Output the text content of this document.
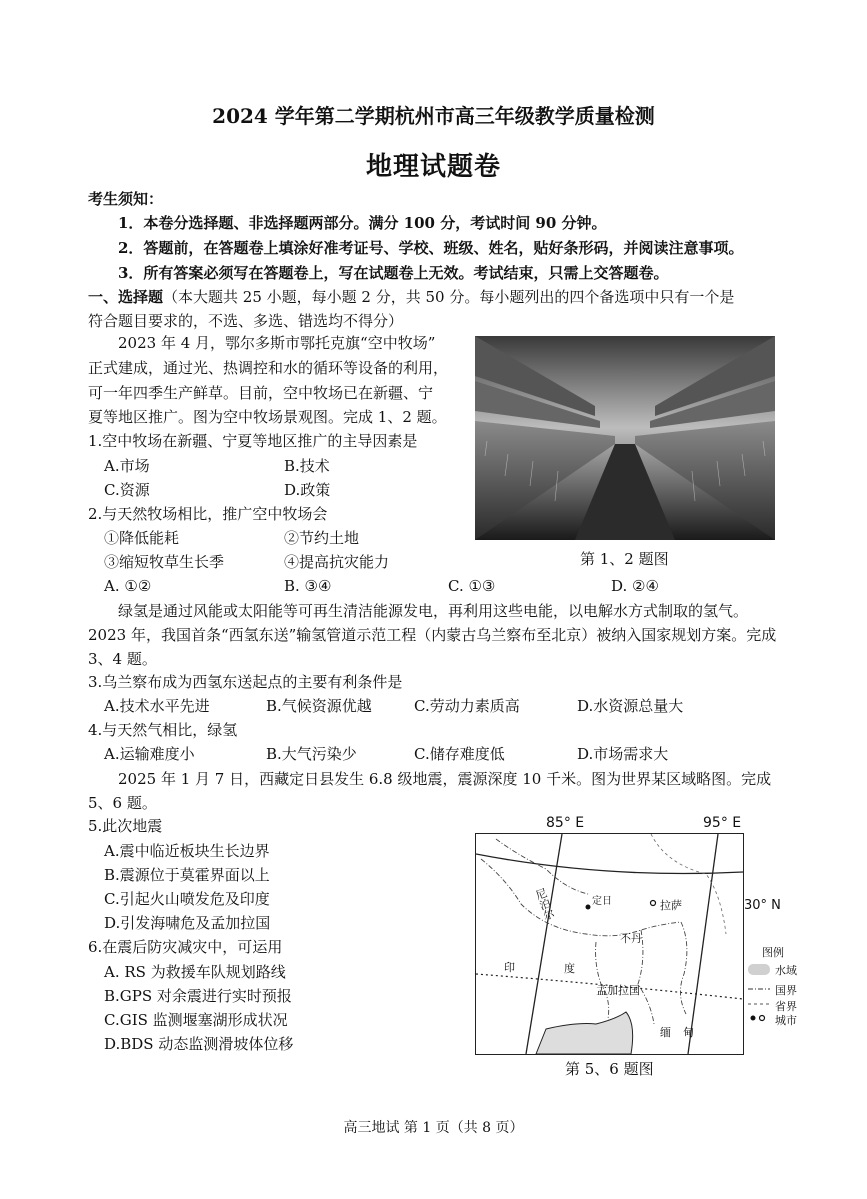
2024 学年第二学期杭州市高三年级教学质量检测
地理试题卷
考生须知：
1．本卷分选择题、非选择题两部分。满分 100 分，考试时间 90 分钟。
2．答题前，在答题卷上填涂好准考证号、学校、班级、姓名，贴好条形码，并阅读注意事项。
3．所有答案必须写在答题卷上，写在试题卷上无效。考试结束，只需上交答题卷。
一、选择题（本大题共 25 小题，每小题 2 分，共 50 分。每小题列出的四个备选项中只有一个是
符合题目要求的，不选、多选、错选均不得分）
2023 年 4 月，鄂尔多斯市鄂托克旗“空中牧场”
正式建成，通过光、热调控和水的循环等设备的利用，
可一年四季生产鲜草。目前，空中牧场已在新疆、宁
夏等地区推广。图为空中牧场景观图。完成 1、2 题。
第 1、2 题图
1.空中牧场在新疆、宁夏等地区推广的主导因素是
A.市场	B.技术
C.资源	D.政策
2.与天然牧场相比，推广空中牧场会
①降低能耗	②节约土地
③缩短牧草生长季	④提高抗灾能力
A. ①②	B. ③④	C. ①③	D. ②④
绿氢是通过风能或太阳能等可再生清洁能源发电，再利用这些电能，以电解水方式制取的氢气。2023 年，我国首条“西氢东送”输氢管道示范工程（内蒙古乌兰察布至北京）被纳入国家规划方案。完成 3、4 题。
3.乌兰察布成为西氢东送起点的主要有利条件是
A.技术水平先进	B.气候资源优越	C.劳动力素质高	D.水资源总量大
4.与天然气相比，绿氢
A.运输难度小	B.大气污染少	C.储存难度低	D.市场需求大
2025 年 1 月 7 日，西藏定日县发生 6.8 级地震，震源深度 10 千米。图为世界某区域略图。完成 5、6 题。
5.此次地震
A.震中临近板块生长边界
B.震源位于莫霍界面以上
C.引起火山喷发危及印度
D.引发海啸危及孟加拉国
6.在震后防灾减灾中，可运用
A. RS 为救援车队规划路线
B.GPS 对余震进行实时预报
C.GIS 监测堰塞湖形成状况
D.BDS 动态监测滑坡体位移
85° E	95° E
30° N
定日	拉萨
尼泊尔
不丹
印	度
孟加拉国
缅甸
图例
水域
国界
省界
城市
第 5、6 题图
高三地试 第 1 页（共 8 页）
